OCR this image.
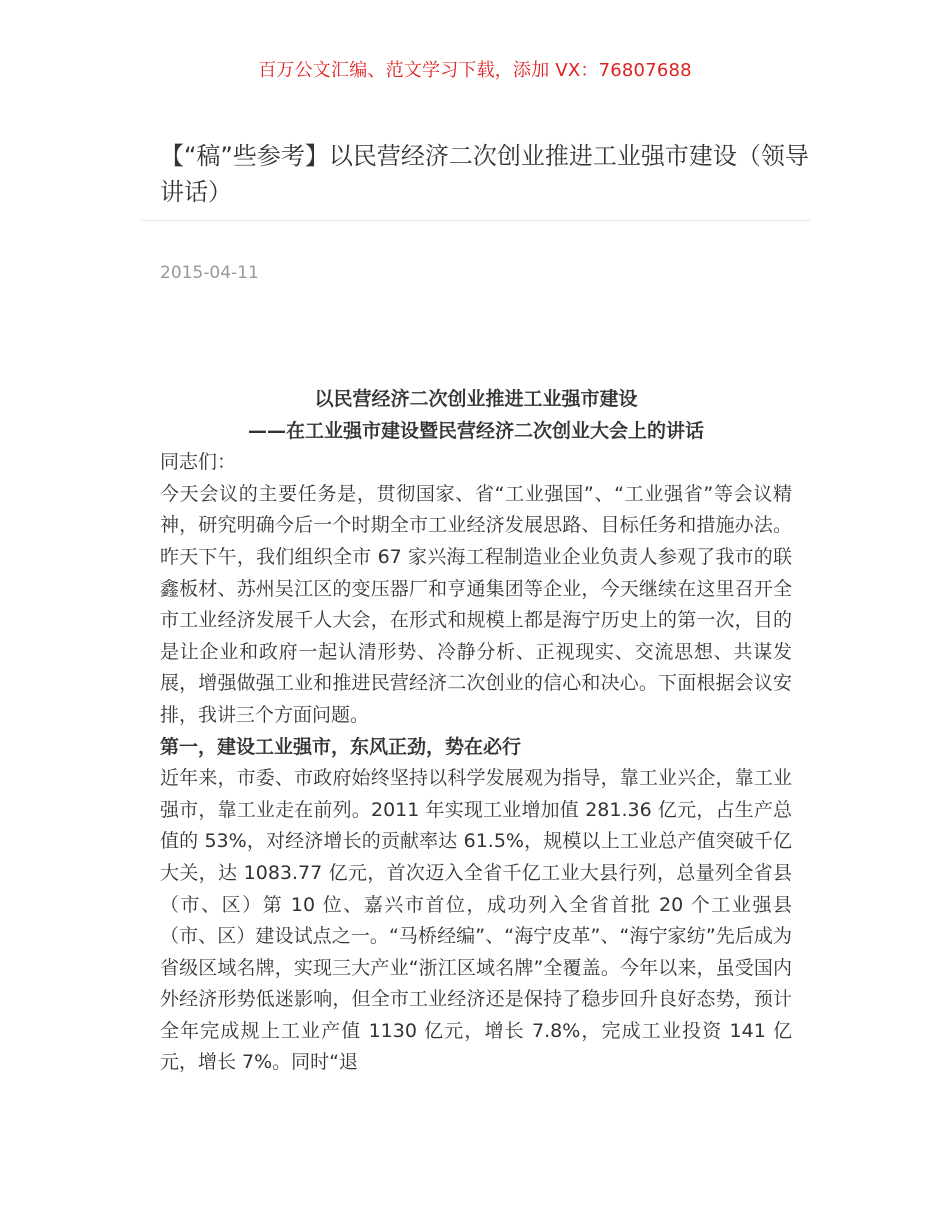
百万公文汇编、范文学习下载，添加 VX：76807688
【“稿”些参考】以民营经济二次创业推进工业强市建设（领导讲话）
2015-04-11

以民营经济二次创业推进工业强市建设

——在工业强市建设暨民营经济二次创业大会上的讲话

同志们：

今天会议的主要任务是，贯彻国家、省“工业强国”、“工业强省”等会议精神，研究明确今后一个时期全市工业经济发展思路、目标任务和措施办法。昨天下午，我们组织全市 67 家兴海工程制造业企业负责人参观了我市的联鑫板材、苏州吴江区的变压器厂和亨通集团等企业，今天继续在这里召开全市工业经济发展千人大会，在形式和规模上都是海宁历史上的第一次，目的是让企业和政府一起认清形势、冷静分析、正视现实、交流思想、共谋发展，增强做强工业和推进民营经济二次创业的信心和决心。下面根据会议安排，我讲三个方面问题。

第一，建设工业强市，东风正劲，势在必行

近年来，市委、市政府始终坚持以科学发展观为指导，靠工业兴企，靠工业强市，靠工业走在前列。2011 年实现工业增加值 281.36 亿元，占生产总值的 53%，对经济增长的贡献率达 61.5%，规模以上工业总产值突破千亿大关，达 1083.77 亿元，首次迈入全省千亿工业大县行列，总量列全省县（市、区）第 10 位、嘉兴市首位，成功列入全省首批 20 个工业强县（市、区）建设试点之一。“马桥经编”、“海宁皮革”、“海宁家纺”先后成为省级区域名牌，实现三大产业“浙江区域名牌”全覆盖。今年以来，虽受国内外经济形势低迷影响，但全市工业经济还是保持了稳步回升良好态势，预计全年完成规上工业产值 1130 亿元，增长 7.8%，完成工业投资 141 亿元，增长 7%。同时“退
